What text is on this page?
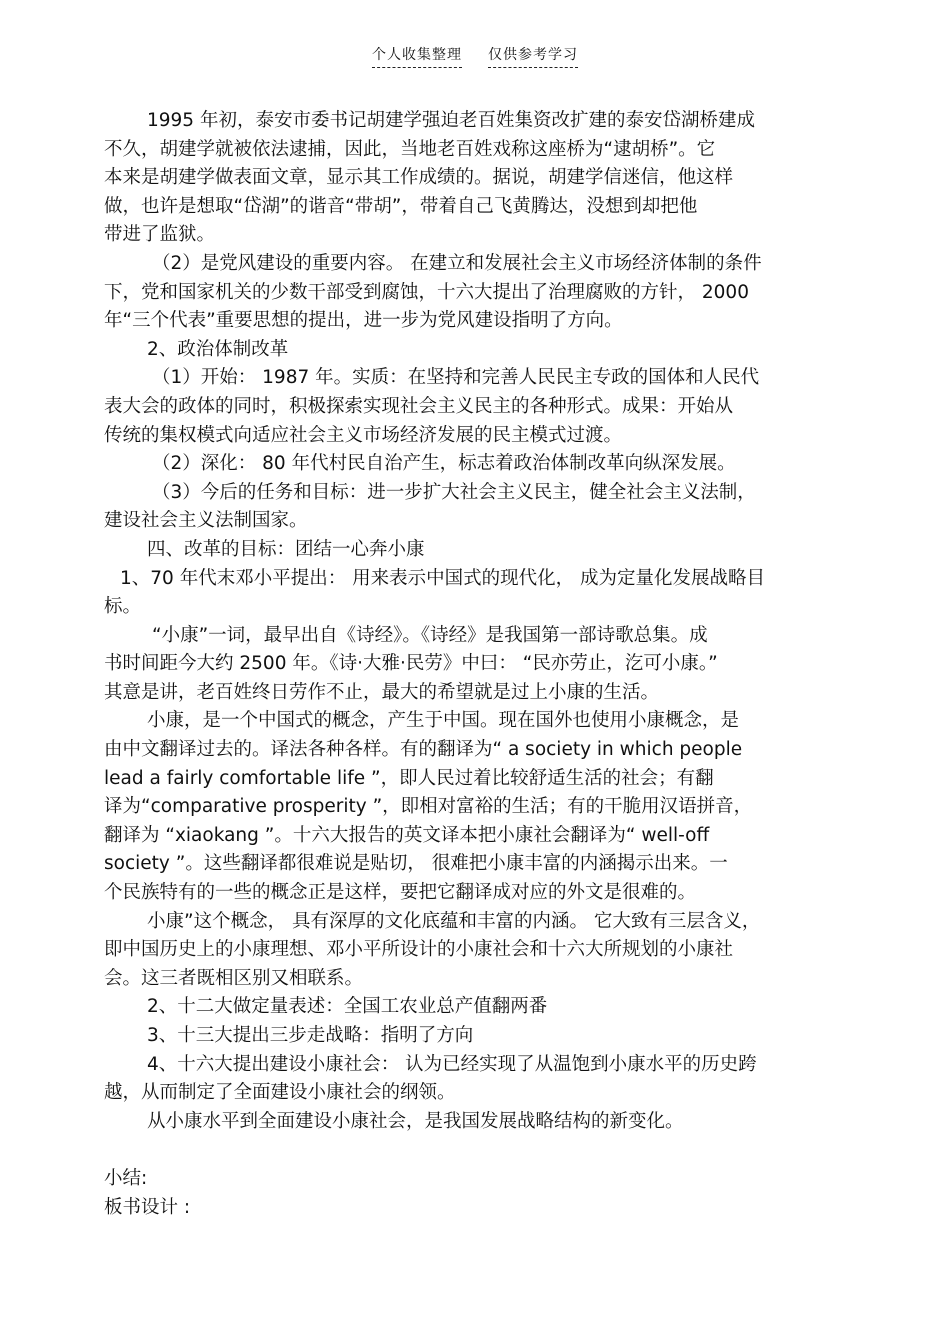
个人收集整理 仅供参考学习
1995 年初，泰安市委书记胡建学强迫老百姓集资改扩建的泰安岱湖桥建成
不久，胡建学就被依法逮捕，因此，当地老百姓戏称这座桥为“逮胡桥”。它
本来是胡建学做表面文章，显示其工作成绩的。据说，胡建学信迷信，他这样
做，也许是想取“岱湖”的谐音“带胡”，带着自己飞黄腾达，没想到却把他
带进了监狱。
（2）是党风建设的重要内容。 在建立和发展社会主义市场经济体制的条件
下，党和国家机关的少数干部受到腐蚀，十六大提出了治理腐败的方针， 2000
年“三个代表”重要思想的提出，进一步为党风建设指明了方向。
2、政治体制改革
（1）开始： 1987 年。实质：在坚持和完善人民民主专政的国体和人民代
表大会的政体的同时，积极探索实现社会主义民主的各种形式。成果：开始从
传统的集权模式向适应社会主义市场经济发展的民主模式过渡。
（2）深化： 80 年代村民自治产生，标志着政治体制改革向纵深发展。
（3）今后的任务和目标：进一步扩大社会主义民主，健全社会主义法制，
建设社会主义法制国家。
四、改革的目标：团结一心奔小康
1、70 年代末邓小平提出： 用来表示中国式的现代化， 成为定量化发展战略目
标。
“小康”一词，最早出自《诗经》。《诗经》是我国第一部诗歌总集。成
书时间距今大约 2500 年。《诗·大雅·民劳》中曰： “民亦劳止，汔可小康。”
其意是讲，老百姓终日劳作不止，最大的希望就是过上小康的生活。
小康，是一个中国式的概念，产生于中国。现在国外也使用小康概念，是
由中文翻译过去的。译法各种各样。有的翻译为“ a society in which people
lead a fairly comfortable life ”，即人民过着比较舒适生活的社会；有翻
译为“comparative prosperity ”，即相对富裕的生活；有的干脆用汉语拼音，
翻译为 “xiaokang ”。十六大报告的英文译本把小康社会翻译为“ well-off
society ”。这些翻译都很难说是贴切， 很难把小康丰富的内涵揭示出来。一
个民族特有的一些的概念正是这样，要把它翻译成对应的外文是很难的。
小康”这个概念， 具有深厚的文化底蕴和丰富的内涵。 它大致有三层含义，
即中国历史上的小康理想、邓小平所设计的小康社会和十六大所规划的小康社
会。这三者既相区别又相联系。
2、十二大做定量表述：全国工农业总产值翻两番
3、十三大提出三步走战略：指明了方向
4、十六大提出建设小康社会： 认为已经实现了从温饱到小康水平的历史跨
越，从而制定了全面建设小康社会的纲领。
从小康水平到全面建设小康社会，是我国发展战略结构的新变化。
小结:
板书设计 :
